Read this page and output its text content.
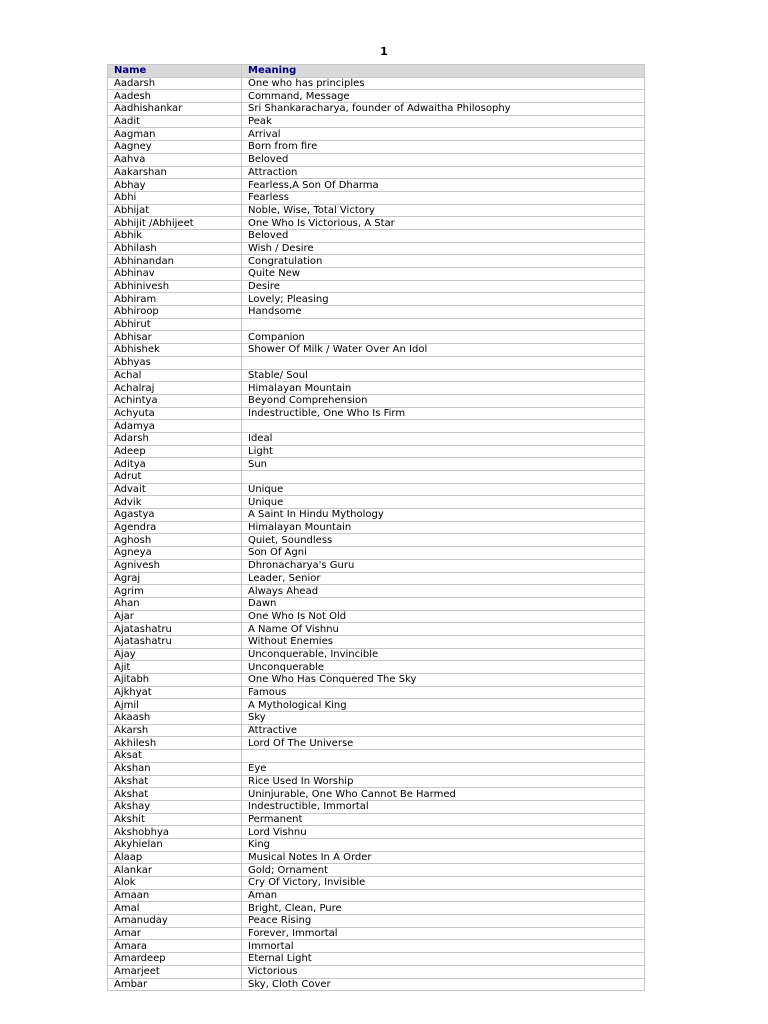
1
Name	Meaning
Aadarsh	One who has principles
Aadesh	Command, Message
Aadhishankar	Sri Shankaracharya, founder of Adwaitha Philosophy
Aadit	Peak
Aagman	Arrival
Aagney	Born from fire
Aahva	Beloved
Aakarshan	Attraction
Abhay	Fearless,A Son Of Dharma
Abhi	Fearless
Abhijat	Noble, Wise, Total Victory
Abhijit /Abhijeet	One Who Is Victorious, A Star
Abhik	Beloved
Abhilash	Wish / Desire
Abhinandan	Congratulation
Abhinav	Quite New
Abhinivesh	Desire
Abhiram	Lovely; Pleasing
Abhiroop	Handsome
Abhirut	
Abhisar	Companion
Abhishek	Shower Of Milk / Water Over An Idol
Abhyas	
Achal	Stable/ Soul
Achalraj	Himalayan Mountain
Achintya	Beyond Comprehension
Achyuta	Indestructible, One Who Is Firm
Adamya	
Adarsh	Ideal
Adeep	Light
Aditya	Sun
Adrut	
Advait	Unique
Advik	Unique
Agastya	A Saint In Hindu Mythology
Agendra	Himalayan Mountain
Aghosh	Quiet, Soundless
Agneya	Son Of Agni
Agnivesh	Dhronacharya's Guru
Agraj	Leader, Senior
Agrim	Always Ahead
Ahan	Dawn
Ajar	One Who Is Not Old
Ajatashatru	A Name Of Vishnu
Ajatashatru	Without Enemies
Ajay	Unconquerable, Invincible
Ajit	Unconquerable
Ajitabh	One Who Has Conquered The Sky
Ajkhyat	Famous
Ajmil	A Mythological King
Akaash	Sky
Akarsh	Attractive
Akhilesh	Lord Of The Universe
Aksat	
Akshan	Eye
Akshat	Rice Used In Worship
Akshat	Uninjurable, One Who Cannot Be Harmed
Akshay	Indestructible, Immortal
Akshit	Permanent
Akshobhya	Lord Vishnu
Akyhielan	King
Alaap	Musical Notes In A Order
Alankar	Gold; Ornament
Alok	Cry Of Victory, Invisible
Amaan	Aman
Amal	Bright, Clean, Pure
Amanuday	Peace Rising
Amar	Forever, Immortal
Amara	Immortal
Amardeep	Eternal Light
Amarjeet	Victorious
Ambar	Sky, Cloth Cover
